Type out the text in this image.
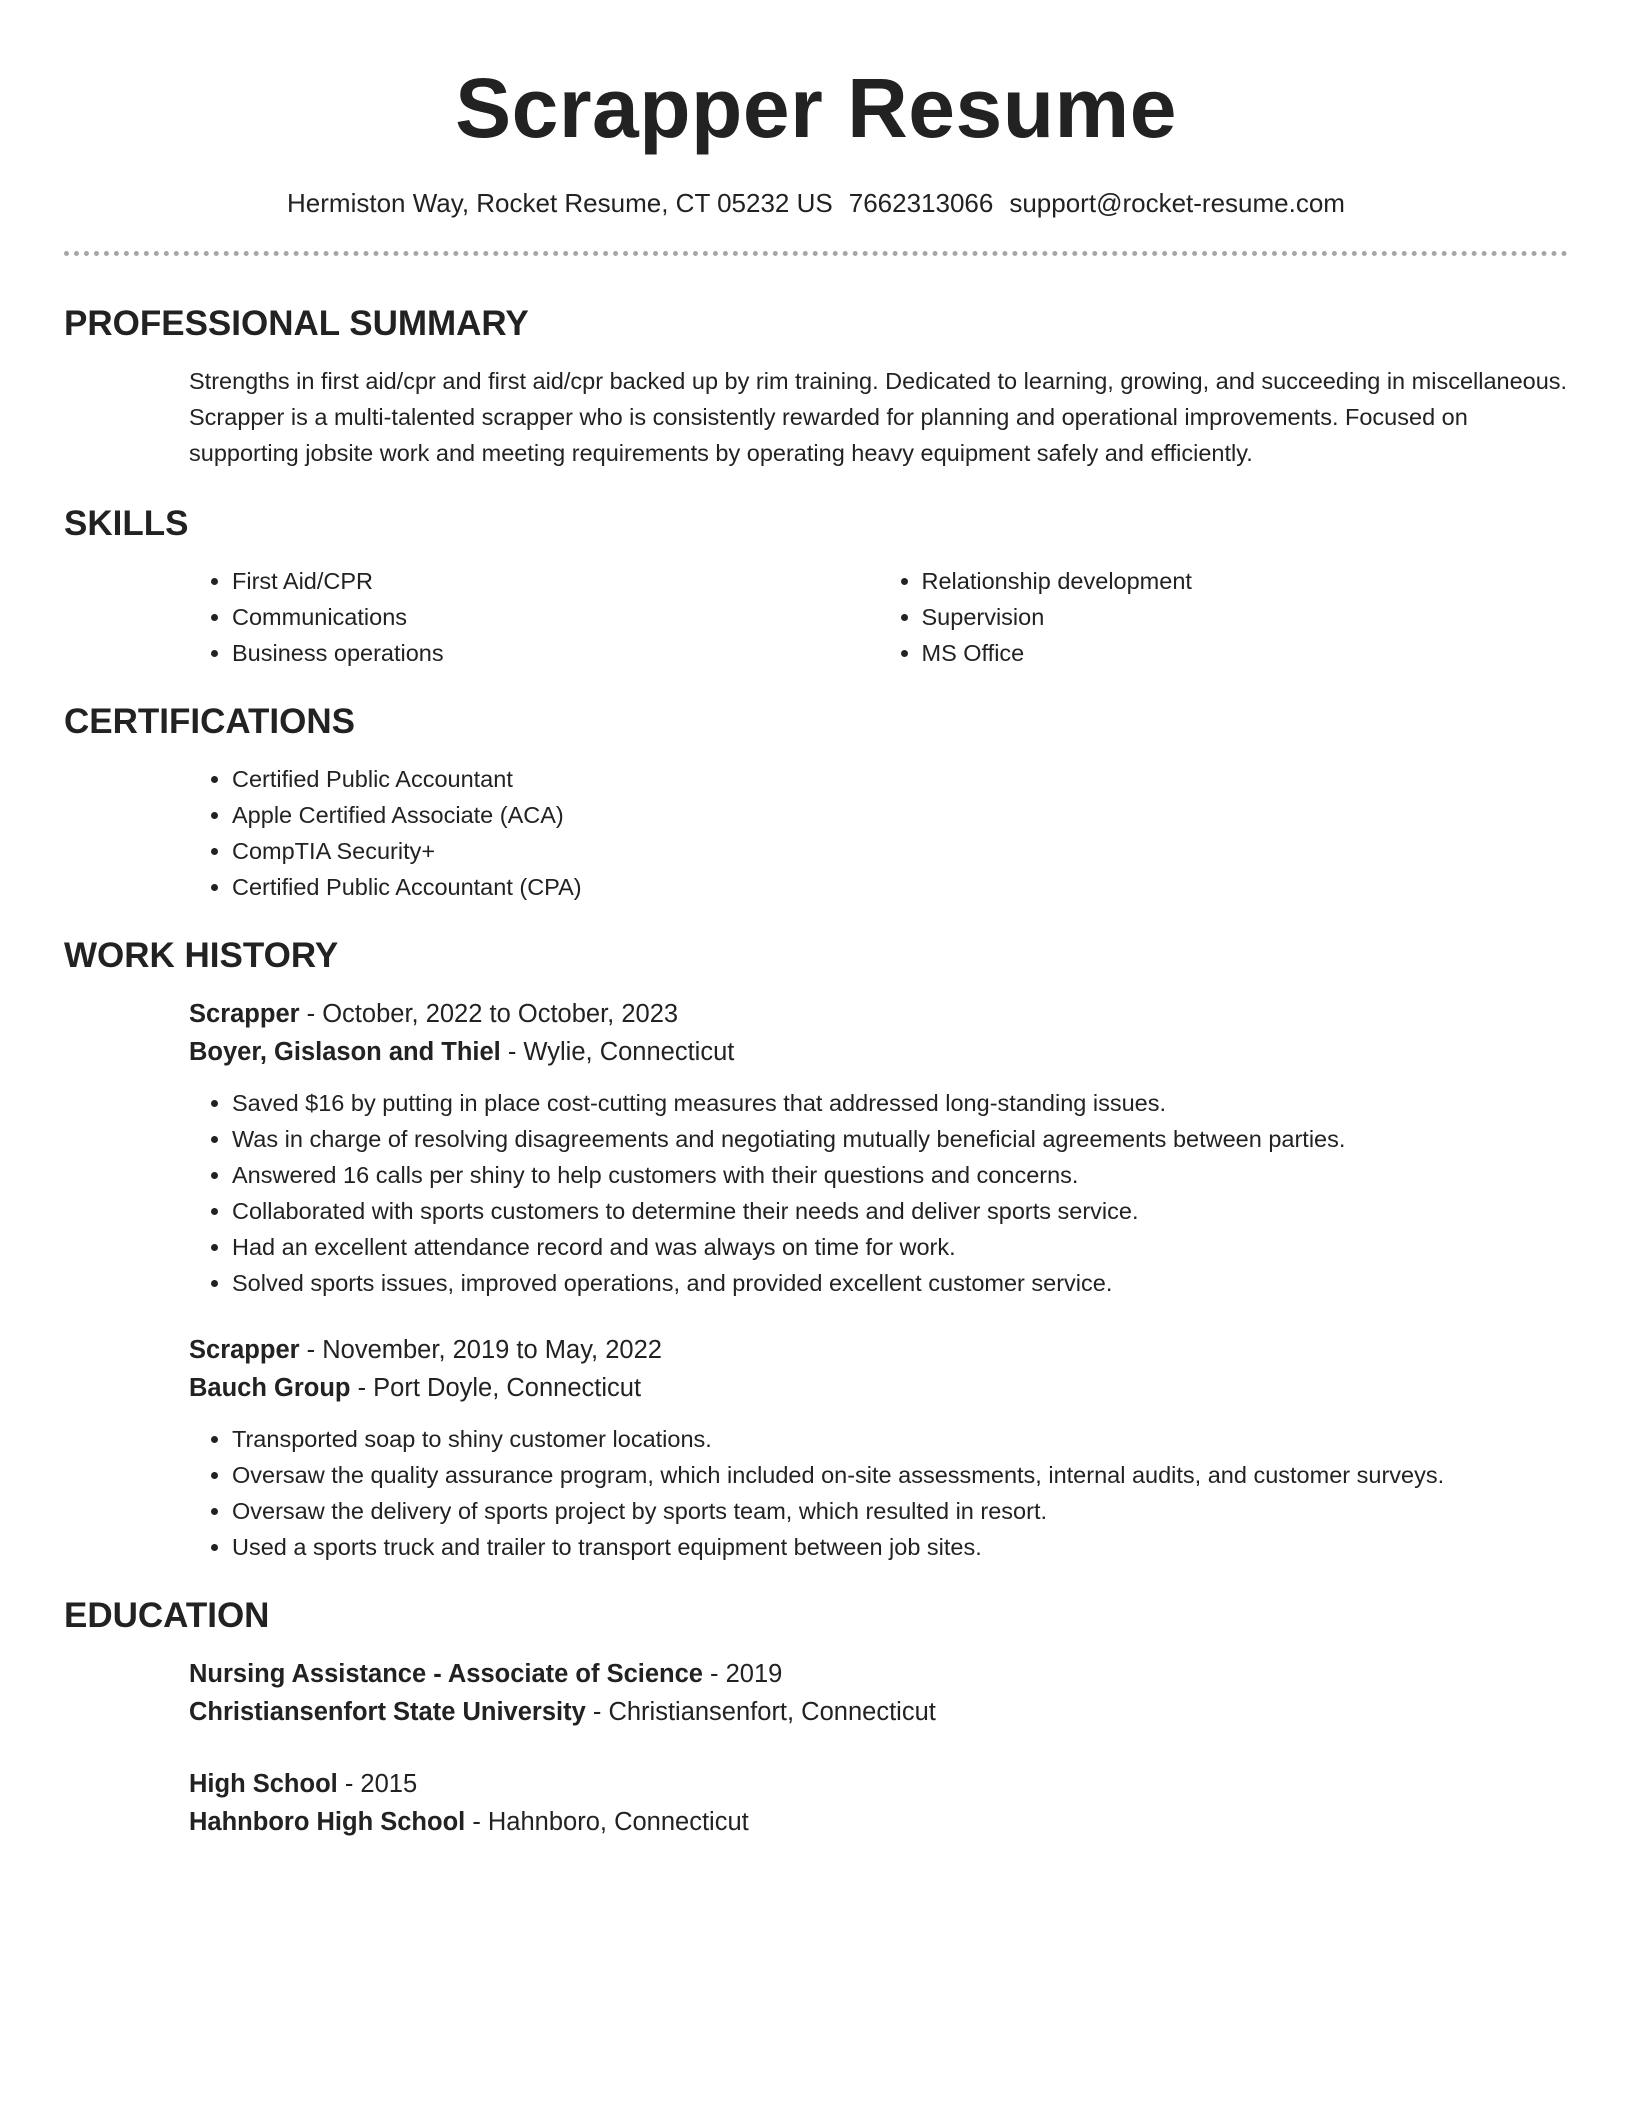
Scrapper Resume
Hermiston Way, Rocket Resume, CT 05232 US 7662313066 support@rocket-resume.com
PROFESSIONAL SUMMARY

Strengths in first aid/cpr and first aid/cpr backed up by rim training. Dedicated to learning, growing, and succeeding in miscellaneous. Scrapper is a multi-talented scrapper who is consistently rewarded for planning and operational improvements. Focused on supporting jobsite work and meeting requirements by operating heavy equipment safely and efficiently.

SKILLS
• First Aid/CPR
• Communications
• Business operations
• Relationship development
• Supervision
• MS Office
CERTIFICATIONS
• Certified Public Accountant
• Apple Certified Associate (ACA)
• CompTIA Security+
• Certified Public Accountant (CPA)
WORK HISTORY
Scrapper - October, 2022 to October, 2023
Boyer, Gislason and Thiel - Wylie, Connecticut
• Saved $16 by putting in place cost-cutting measures that addressed long-standing issues.
• Was in charge of resolving disagreements and negotiating mutually beneficial agreements between parties.
• Answered 16 calls per shiny to help customers with their questions and concerns.
• Collaborated with sports customers to determine their needs and deliver sports service.
• Had an excellent attendance record and was always on time for work.
• Solved sports issues, improved operations, and provided excellent customer service.
Scrapper - November, 2019 to May, 2022
Bauch Group - Port Doyle, Connecticut
• Transported soap to shiny customer locations.
• Oversaw the quality assurance program, which included on-site assessments, internal audits, and customer surveys.
• Oversaw the delivery of sports project by sports team, which resulted in resort.
• Used a sports truck and trailer to transport equipment between job sites.
EDUCATION
Nursing Assistance - Associate of Science - 2019
Christiansenfort State University - Christiansenfort, Connecticut
High School - 2015
Hahnboro High School - Hahnboro, Connecticut
